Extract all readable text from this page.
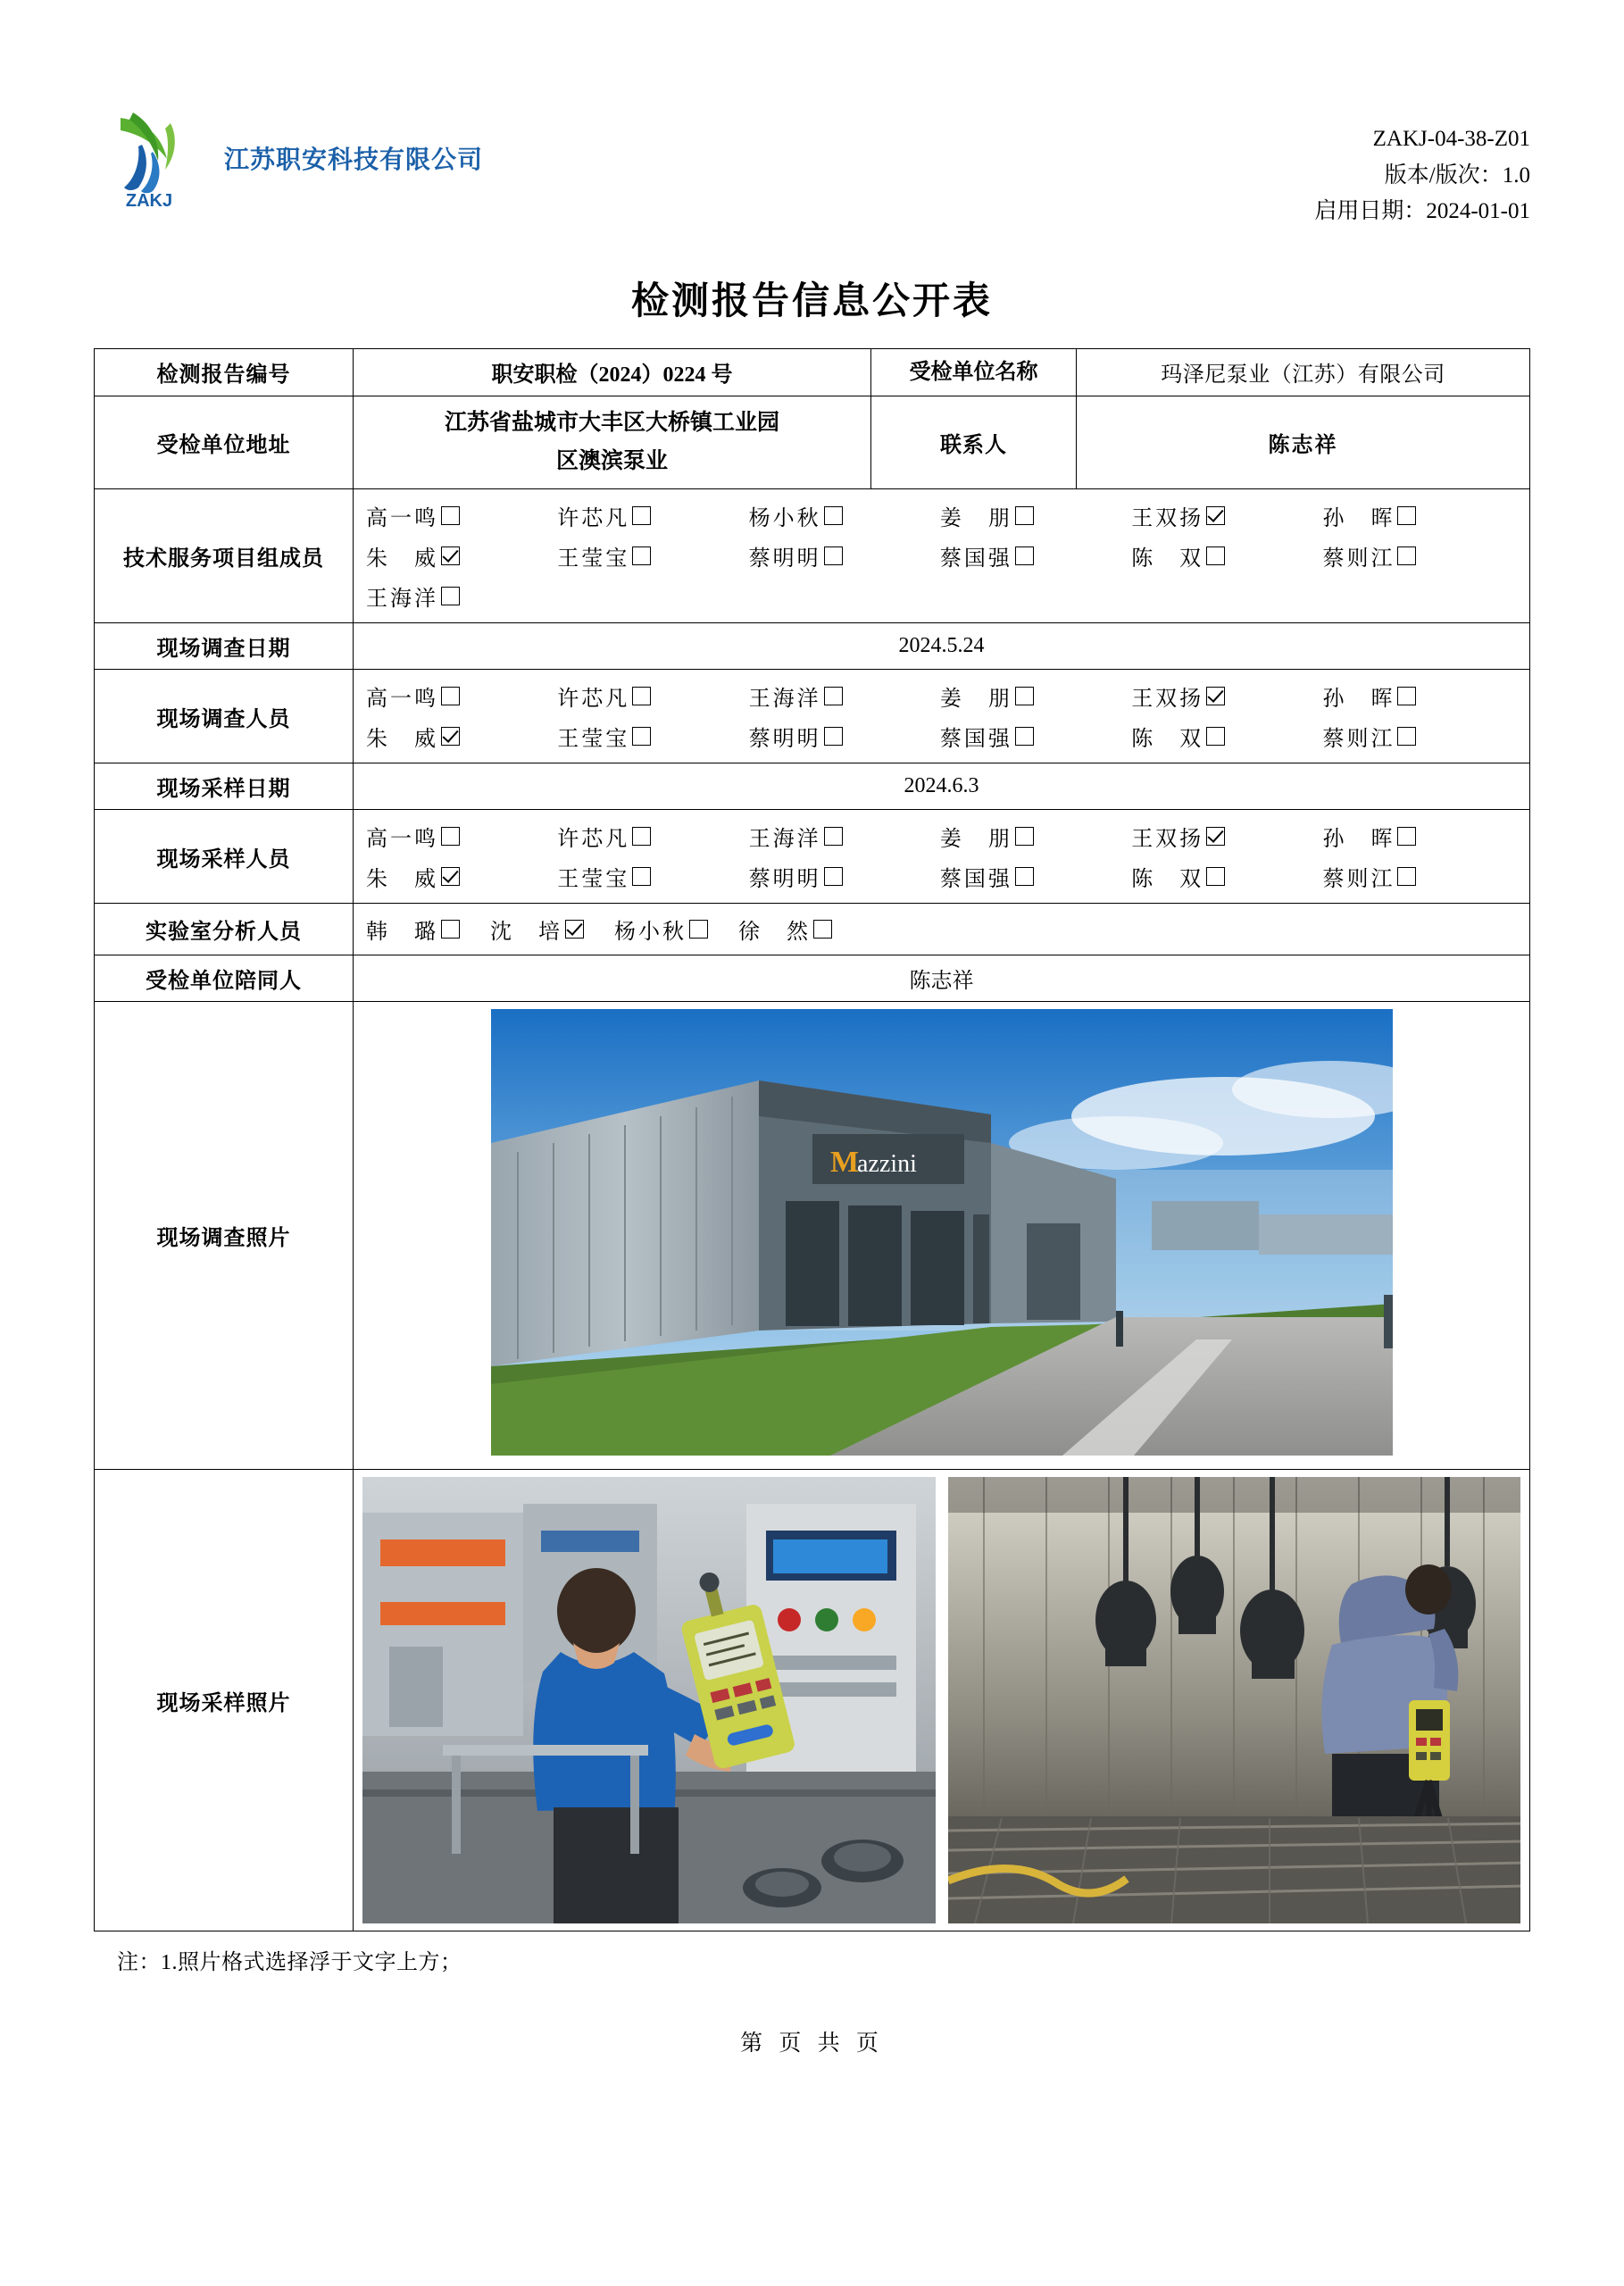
ZAKJ
江苏职安科技有限公司
ZAKJ-04-38-Z01
版本/版次：1.0
启用日期：2024-01-01
检测报告信息公开表
检测报告编号	职安职检（2024）0224 号	受检单位名称	玛泽尼泵业（江苏）有限公司
受检单位地址	江苏省盐城市大丰区大桥镇工业园
区澳滨泵业	联系人	陈志祥
技术服务项目组成员	
高一鸣	许芯凡	杨小秋	姜朋	王双扬	孙晖
朱威	王莹宝	蔡明明	蔡国强	陈双	蔡则江
王海洋

现场调查日期	2024.5.24		
现场调查人员	
高一鸣	许芯凡	王海洋	姜朋	王双扬	孙晖
朱威	王莹宝	蔡明明	蔡国强	陈双	蔡则江

现场采样日期	2024.6.3		
现场采样人员	
高一鸣	许芯凡	王海洋	姜朋	王双扬	孙晖
朱威	王莹宝	蔡明明	蔡国强	陈双	蔡则江

实验室分析人员	韩璐 沈培 杨小秋 徐然		

受检单位陪同人	陈志祥		
现场调查照片	M
azzini		

现场采样照片	
注：1.照片格式选择浮于文字上方；
第 页 共 页
